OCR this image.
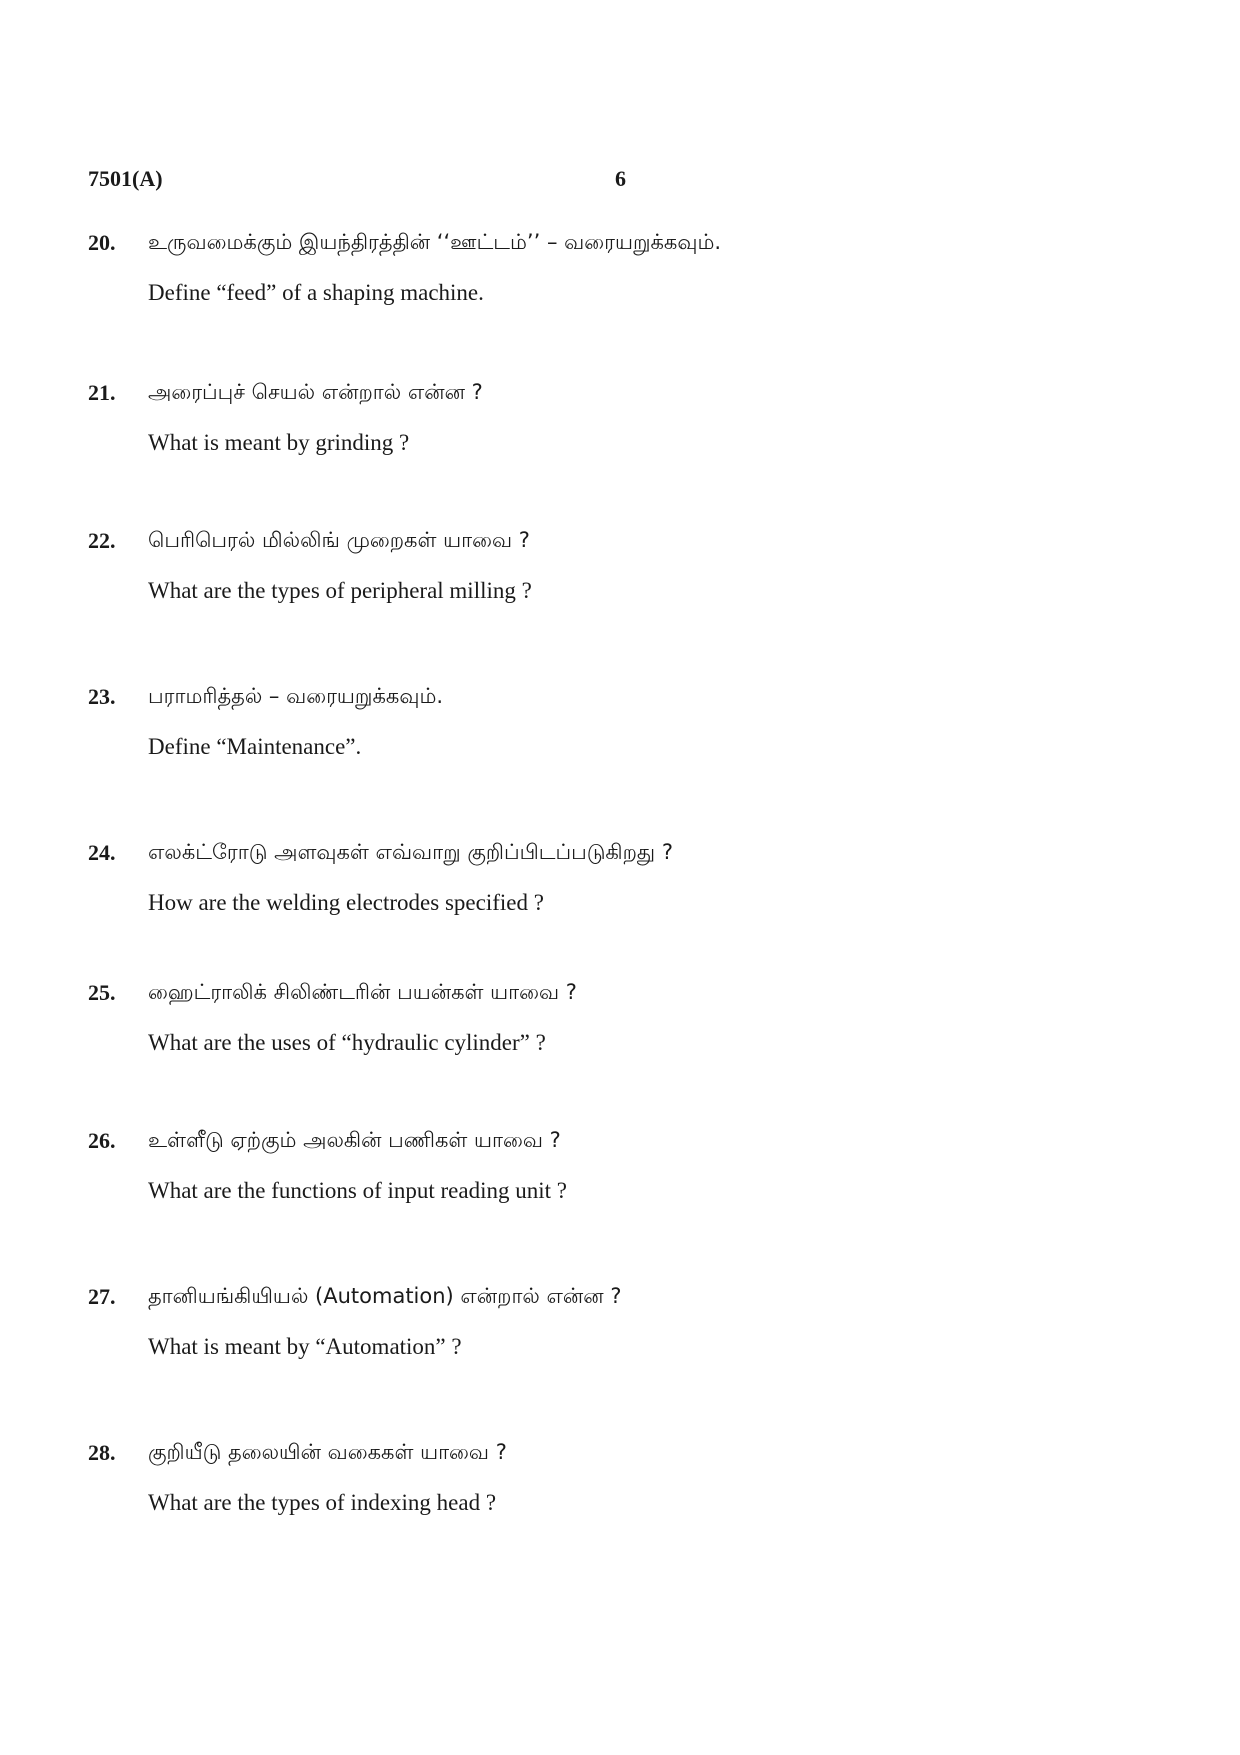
7501(A)	6
20. உருவமைக்கும் இயந்திரத்தின் ‘‘ஊட்டம்’’ – வரையறுக்கவும்.
Define “feed” of a shaping machine.
21. அரைப்புச் செயல் என்றால் என்ன ?
What is meant by grinding ?
22. பெரிபெரல் மில்லிங் முறைகள் யாவை ?
What are the types of peripheral milling ?
23. பராமரித்தல் – வரையறுக்கவும்.
Define “Maintenance”.
24. எலக்ட்ரோடு அளவுகள் எவ்வாறு குறிப்பிடப்படுகிறது ?
How are the welding electrodes specified ?
25. ஹைட்ராலிக் சிலிண்டரின் பயன்கள் யாவை ?
What are the uses of “hydraulic cylinder” ?
26. உள்ளீடு ஏற்கும் அலகின் பணிகள் யாவை ?
What are the functions of input reading unit ?
27. தானியங்கியியல் (Automation) என்றால் என்ன ?
What is meant by “Automation” ?
28. குறியீடு தலையின் வகைகள் யாவை ?
What are the types of indexing head ?
